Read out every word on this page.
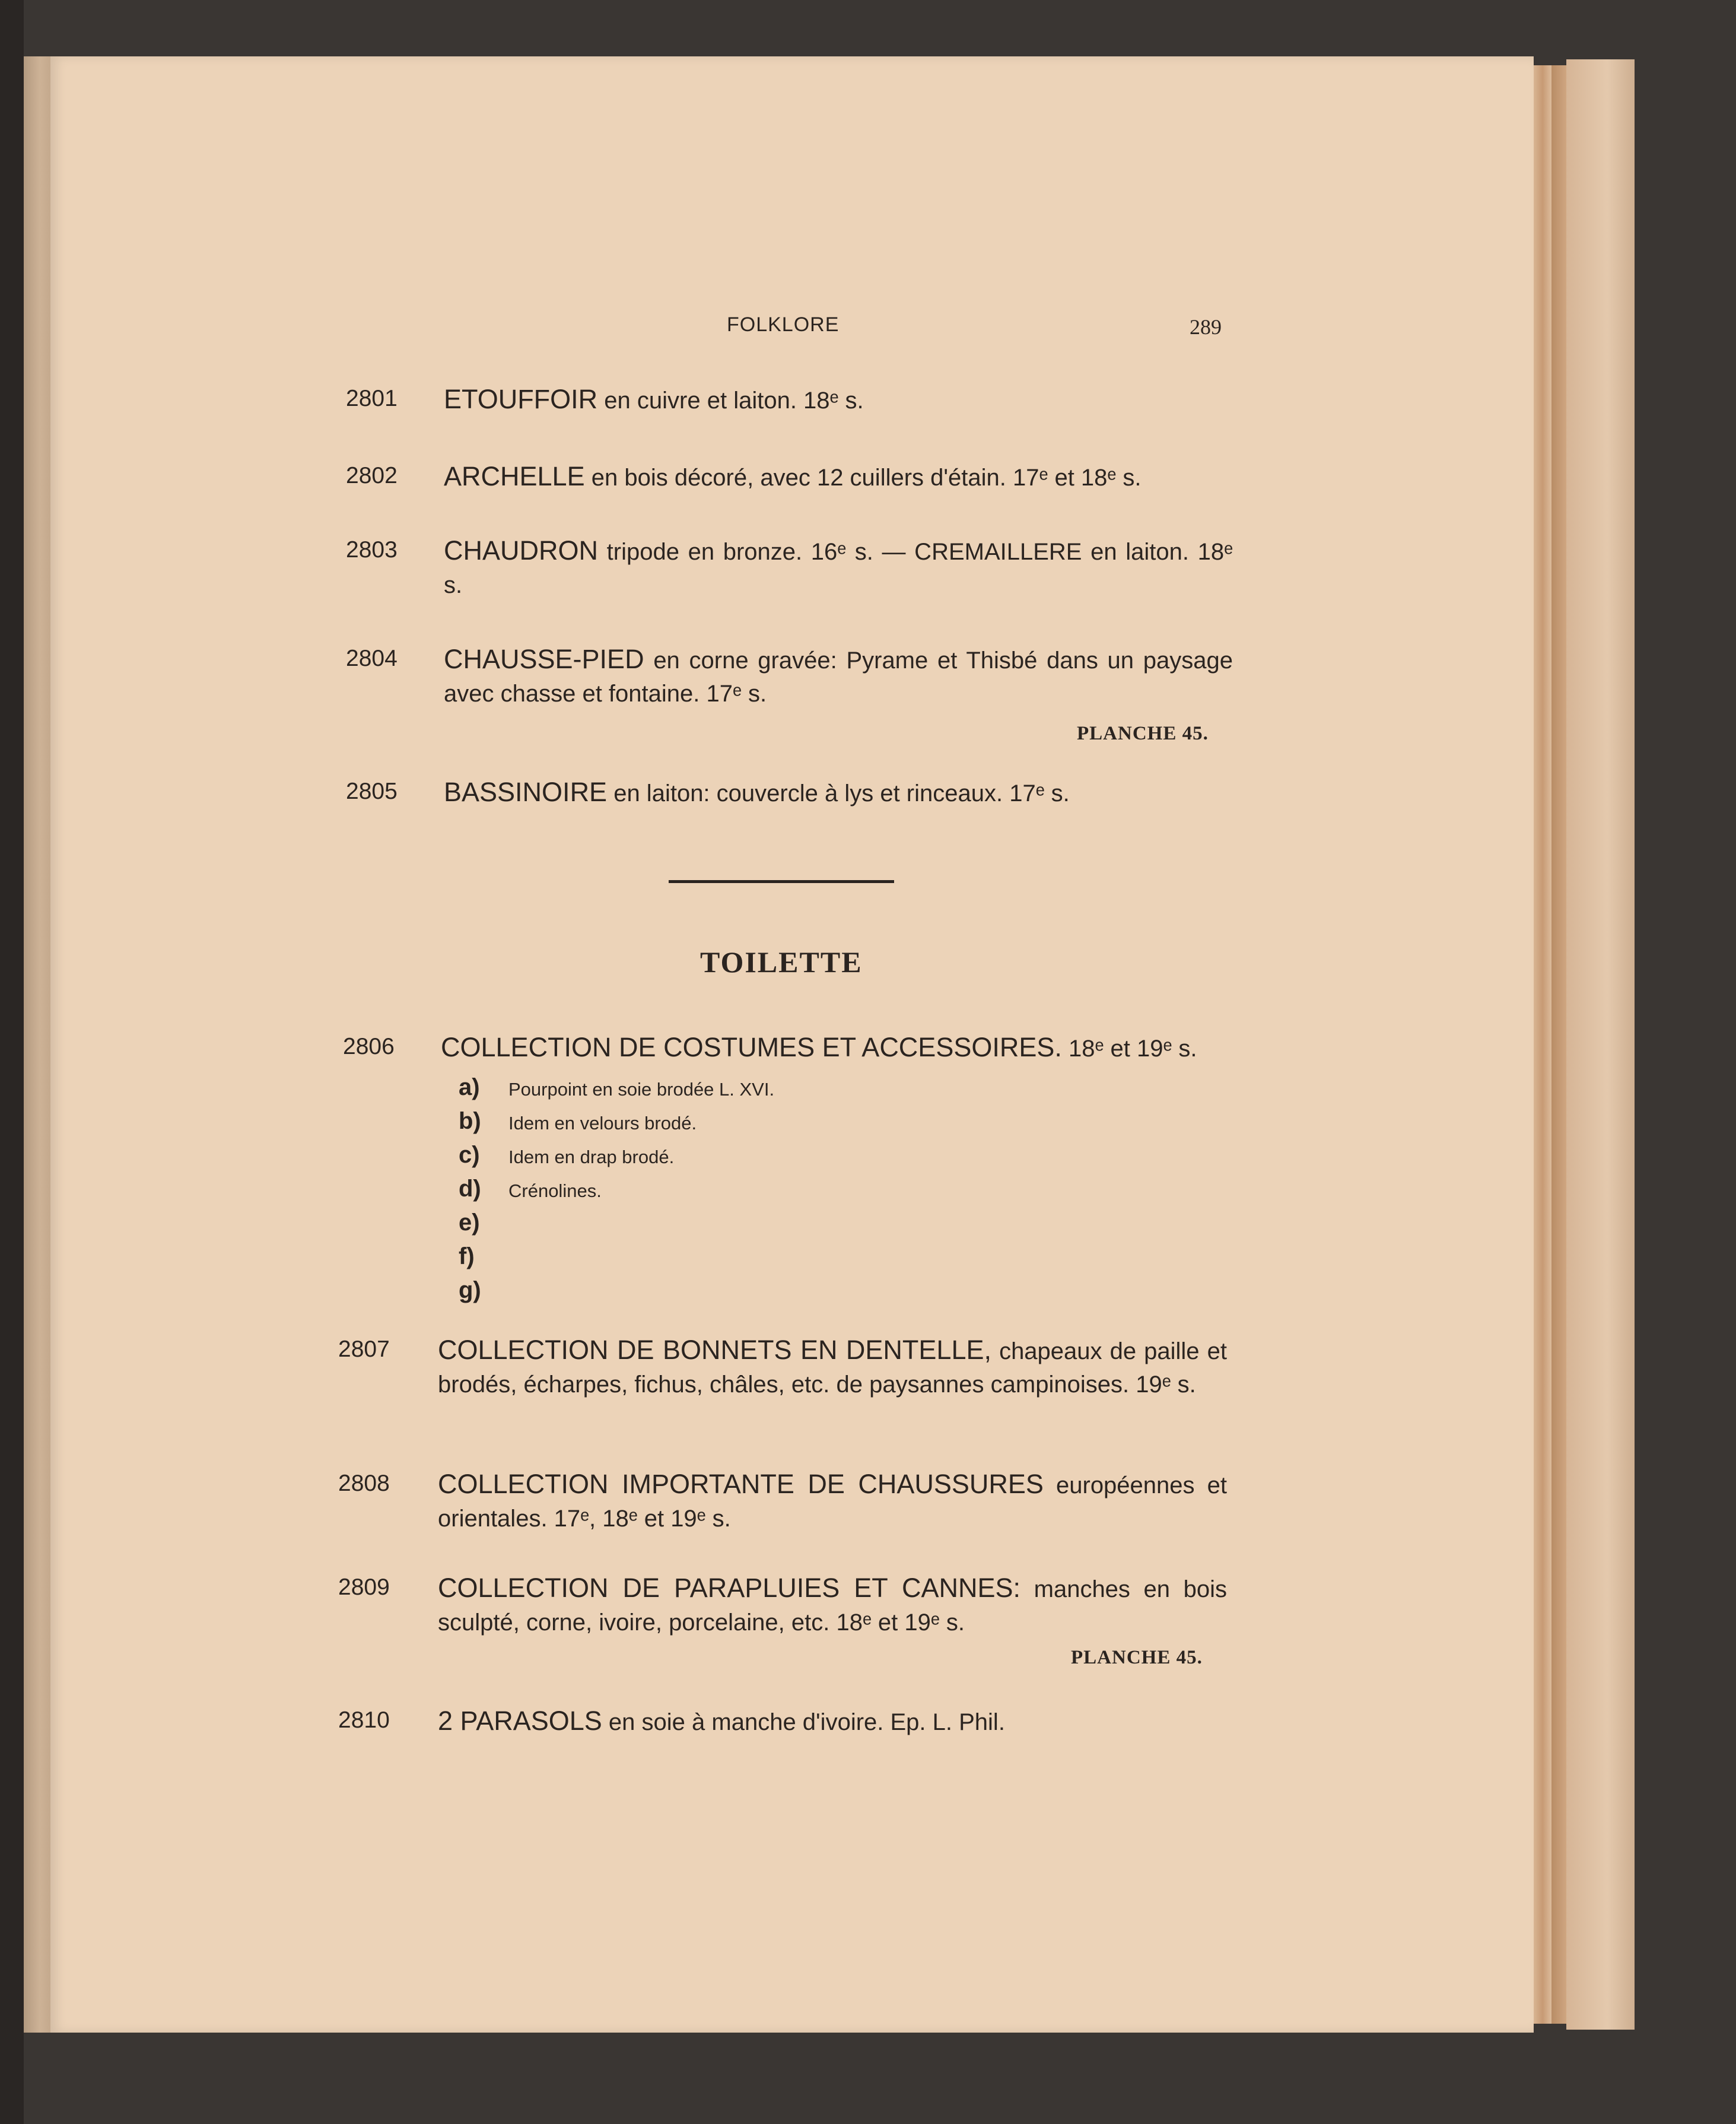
FOLKLORE	289
2801 ETOUFFOIR en cuivre et laiton. 18ᵉ s.
2802 ARCHELLE en bois décoré, avec 12 cuillers d'étain. 17ᵉ et 18ᵉ s.
2803 CHAUDRON tripode en bronze. 16ᵉ s. — CREMAILLERE en laiton. 18ᵉ s.
2804 CHAUSSE-PIED en corne gravée: Pyrame et Thisbé dans un paysage avec chasse et fontaine. 17ᵉ s.
PLANCHE 45.
2805 BASSINOIRE en laiton: couvercle à lys et rinceaux. 17ᵉ s.
TOILETTE
2806 COLLECTION DE COSTUMES ET ACCESSOIRES. 18ᵉ et 19ᵉ s.
a) Pourpoint en soie brodée L. XVI.
b) Idem en velours brodé.
c) Idem en drap brodé.
d) Crénolines.
e)
f)
g)
2807 COLLECTION DE BONNETS EN DENTELLE, chapeaux de paille et brodés, écharpes, fichus, châles, etc. de paysannes campinoises. 19ᵉ s.
2808 COLLECTION IMPORTANTE DE CHAUSSURES européennes et orientales. 17ᵉ, 18ᵉ et 19ᵉ s.
2809 COLLECTION DE PARAPLUIES ET CANNES: manches en bois sculpté, corne, ivoire, porcelaine, etc. 18ᵉ et 19ᵉ s.
PLANCHE 45.
2810 2 PARASOLS en soie à manche d'ivoire. Ep. L. Phil.
